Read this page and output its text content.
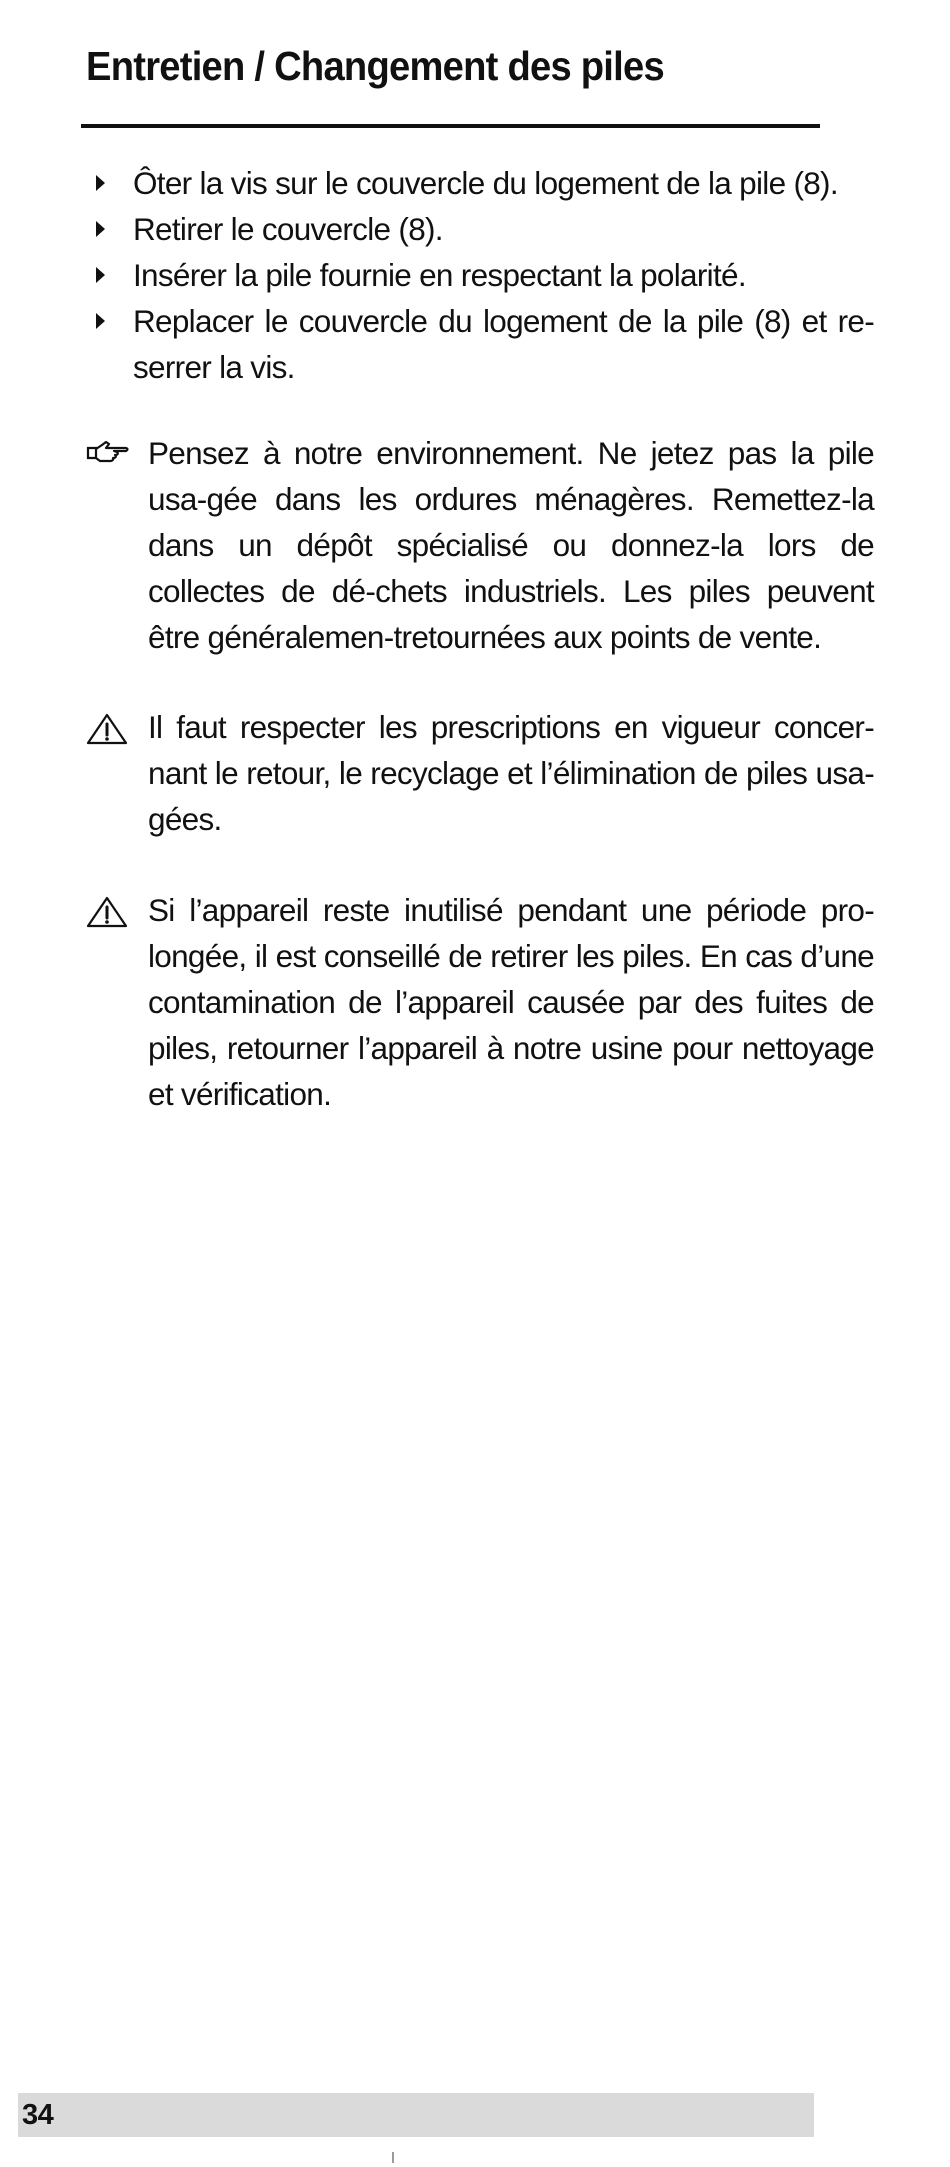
Entretien / Changement des piles
Ôter la vis sur le couvercle du logement de la pile (8).
Retirer le couvercle (8).
Insérer la pile fournie en respectant la polarité.
Replacer le couvercle du logement de la pile (8) et re-serrer la vis.

Pensez à notre environnement. Ne jetez pas la pile usa-gée dans les ordures ménagères. Remettez-la dans un dépôt spécialisé ou donnez-la lors de collectes de dé-chets industriels. Les piles peuvent être généralemen-tretournées aux points de vente.

Il faut respecter les prescriptions en vigueur concer-nant le retour, le recyclage et l’élimination de piles usa-gées.

Si l’appareil reste inutilisé pendant une période pro-longée, il est conseillé de retirer les piles. En cas d’une contamination de l’appareil causée par des fuites de piles, retourner l’appareil à notre usine pour nettoyage et vérification.

34
